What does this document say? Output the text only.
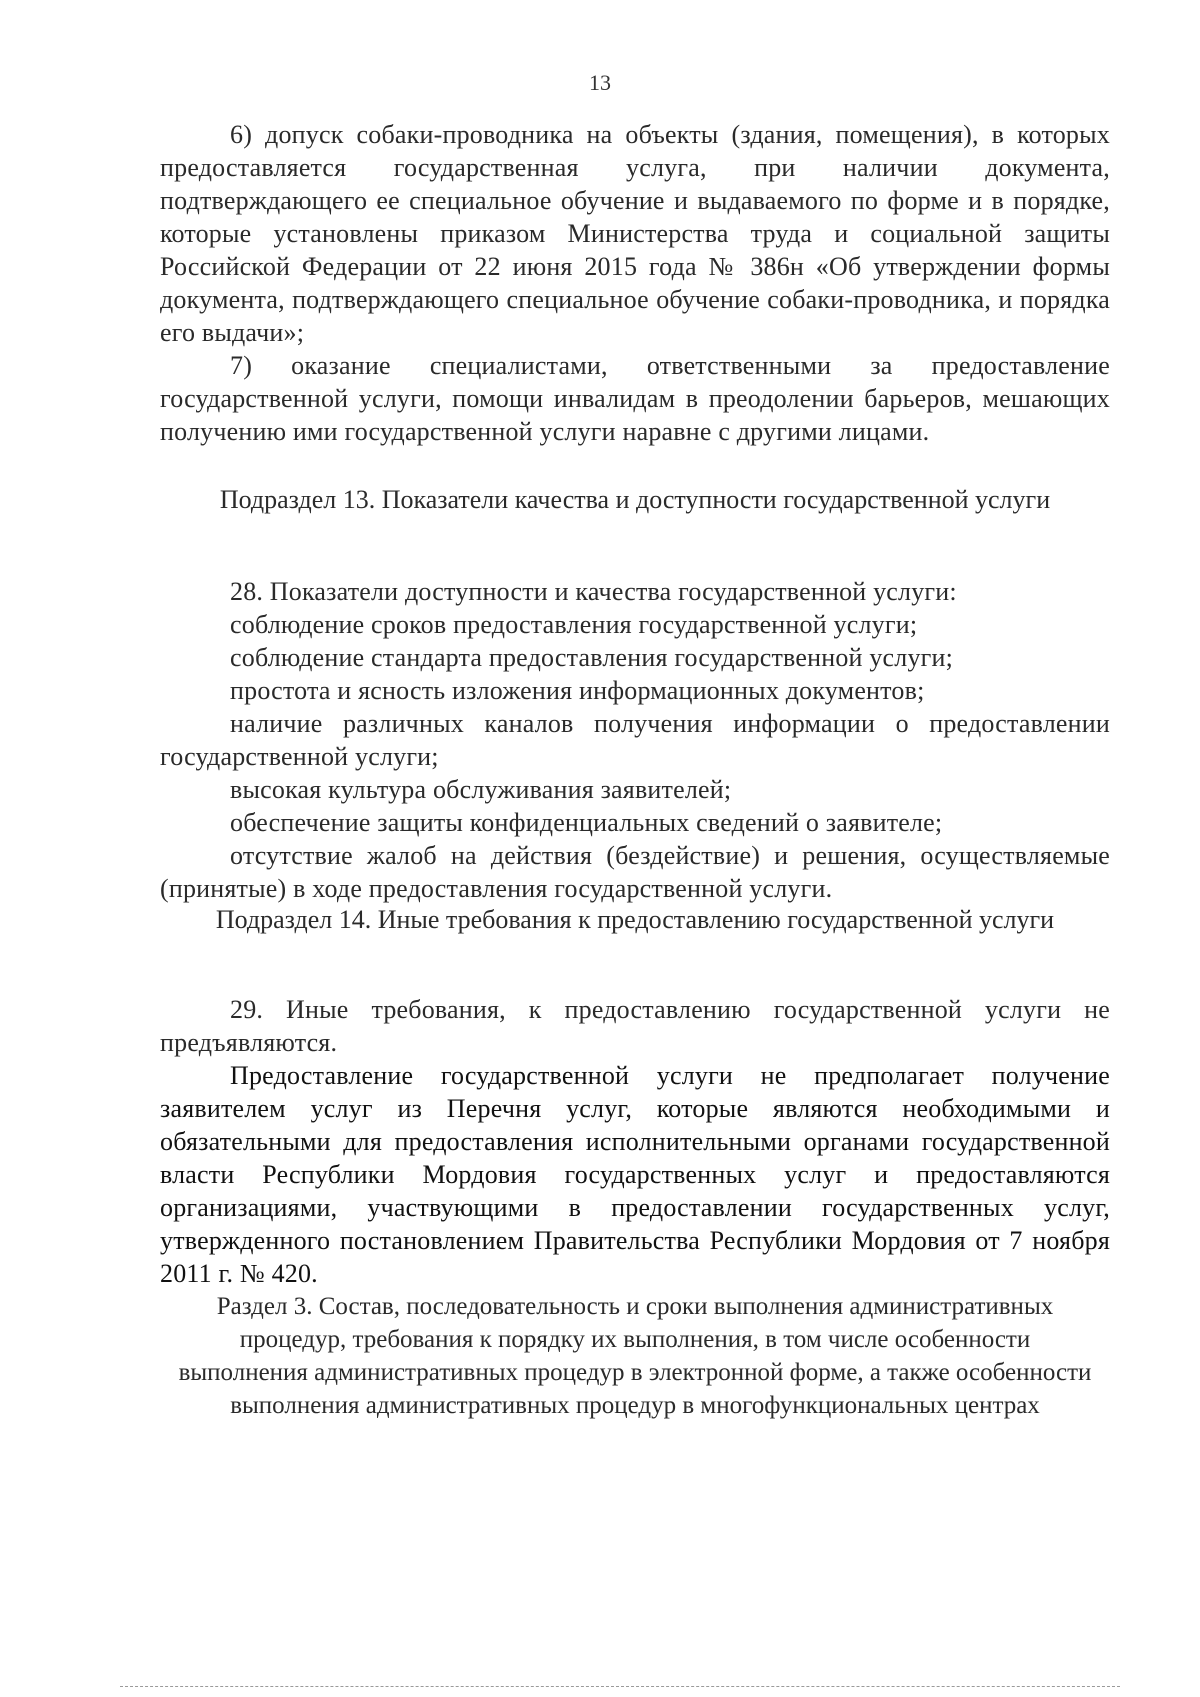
13

6) допуск собаки-проводника на объекты (здания, помещения), в которых предоставляется государственная услуга, при наличии документа, подтверждающего ее специальное обучение и выдаваемого по форме и в порядке, которые установлены приказом Министерства труда и социальной защиты Российской Федерации от 22 июня 2015 года № 386н «Об утверждении формы документа, подтверждающего специальное обучение собаки-проводника, и порядка его выдачи»;

7) оказание специалистами, ответственными за предоставление государственной услуги, помощи инвалидам в преодолении барьеров, мешающих получению ими государственной услуги наравне с другими лицами.

Подраздел 13. Показатели качества и доступности государственной услуги

28. Показатели доступности и качества государственной услуги:

соблюдение сроков предоставления государственной услуги;

соблюдение стандарта предоставления государственной услуги;

простота и ясность изложения информационных документов;

наличие различных каналов получения информации о предоставлении государственной услуги;

высокая культура обслуживания заявителей;

обеспечение защиты конфиденциальных сведений о заявителе;

отсутствие жалоб на действия (бездействие) и решения, осуществляемые (принятые) в ходе предоставления государственной услуги.

Подраздел 14. Иные требования к предоставлению государственной услуги

29. Иные требования, к предоставлению государственной услуги не предъявляются.

Предоставление государственной услуги не предполагает получение заявителем услуг из Перечня услуг, которые являются необходимыми и обязательными для предоставления исполнительными органами государственной власти Республики Мордовия государственных услуг и предоставляются организациями, участвующими в предоставлении государственных услуг, утвержденного постановлением Правительства Республики Мордовия от 7 ноября 2011 г. № 420.

Раздел 3. Состав, последовательность и сроки выполнения административных процедур, требования к порядку их выполнения, в том числе особенности выполнения административных процедур в электронной форме, а также особенности выполнения административных процедур в многофункциональных центрах
